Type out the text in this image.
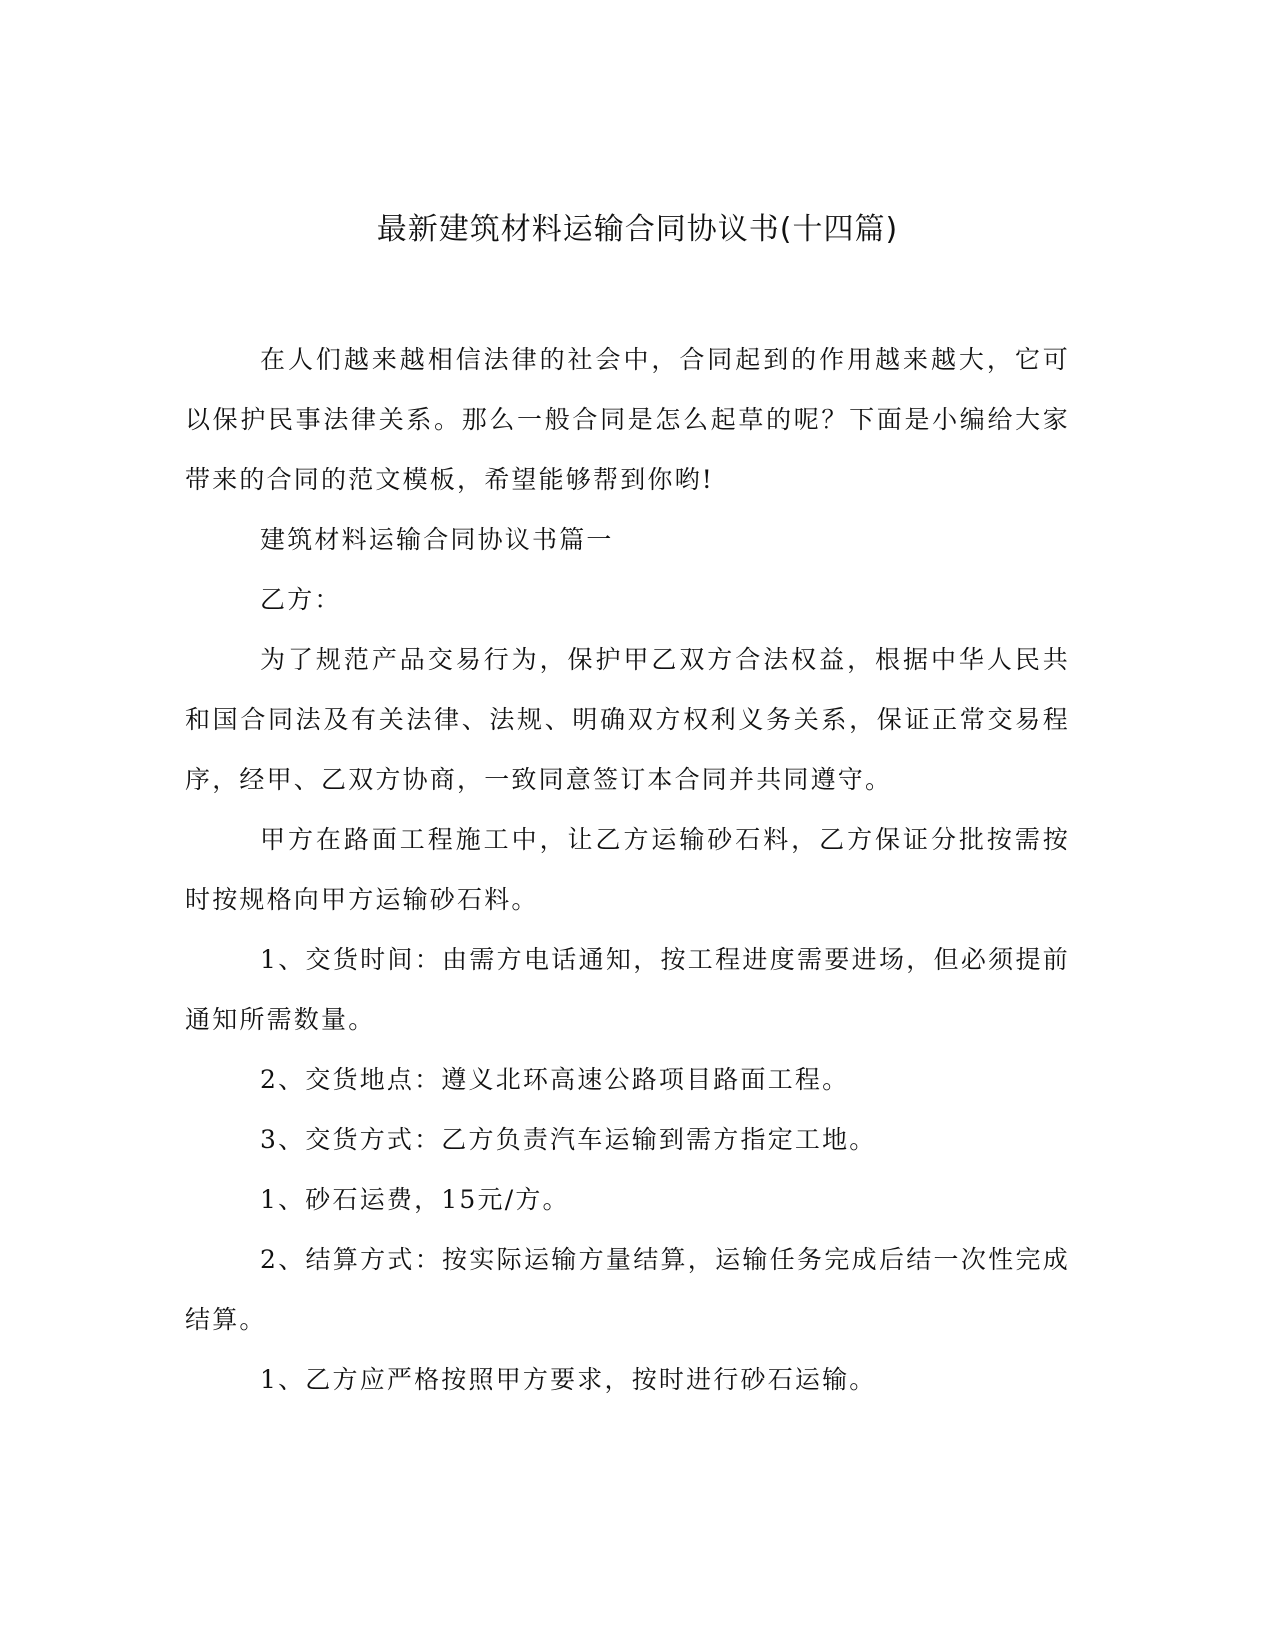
最新建筑材料运输合同协议书(十四篇)

在人们越来越相信法律的社会中，合同起到的作用越来越大，它可以保护民事法律关系。那么一般合同是怎么起草的呢？下面是小编给大家带来的合同的范文模板，希望能够帮到你哟!

建筑材料运输合同协议书篇一

乙方：

为了规范产品交易行为，保护甲乙双方合法权益，根据中华人民共和国合同法及有关法律、法规、明确双方权利义务关系，保证正常交易程序，经甲、乙双方协商，一致同意签订本合同并共同遵守。

甲方在路面工程施工中，让乙方运输砂石料，乙方保证分批按需按时按规格向甲方运输砂石料。

1、交货时间：由需方电话通知，按工程进度需要进场，但必须提前通知所需数量。

2、交货地点：遵义北环高速公路项目路面工程。

3、交货方式：乙方负责汽车运输到需方指定工地。

1、砂石运费，15元/方。

2、结算方式：按实际运输方量结算，运输任务完成后结一次性完成结算。

1、乙方应严格按照甲方要求，按时进行砂石运输。
